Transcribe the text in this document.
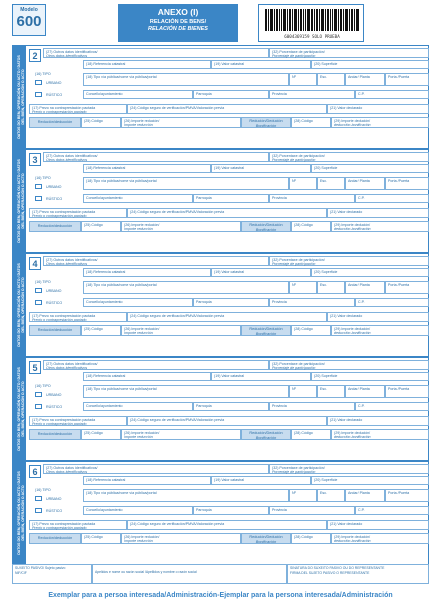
Modelo
600
ANEXO (I)
RELACIÓN DE BENS/
RELACIÓN DE BIENES
6004369159 SOLO PRUEBA
DATOS DO BEN, OPERACIÓN OU ACTO / DATOS DEL BIEN, OPERACIÓN O ACTO
2
(16) TIPO
URBANO
RÚSTICO
(27) Outros datos identificativos/
Otros datos identificativos
(32) Porcentaxe de participación/
Porcentaje de participación
(18) Referencia catastral	(19) Valor catastral	(20) Superficie
(18) Tipo vía pública/nome vía pública/portal	Nº	Esc.	Andar/ Planta	Porta /Puerta
Concello/ayuntamiento	Parroquia	Provincia	C.P.
(17) Prezo na contraprestación pactada
Precio o contraprestación pactado
(24) Código seguro de verificación/PMVA/Valoración previa	(21) Valor declarado
(25) Código	(26) Importe redución/
Importe reducción
(28) Código	(29) Importe dedución/
deducción-bonificación
Redución/deducción	Redución/Dedución
Bonificación
DATOS DO BEN, OPERACIÓN OU ACTO / DATOS DEL BIEN, OPERACIÓN O ACTO
3
(16) TIPO
URBANO
RÚSTICO
(27) Outros datos identificativos/
Otros datos identificativos
(32) Porcentaxe de participación/
Porcentaje de participación
(18) Referencia catastral	(19) Valor catastral	(20) Superficie
(18) Tipo vía pública/nome vía pública/portal	Nº	Esc.	Andar/ Planta	Porta /Puerta
Concello/ayuntamiento	Parroquia	Provincia	C.P.
(17) Prezo na contraprestación pactada
Precio o contraprestación pactado
(24) Código seguro de verificación/PMVA/Valoración previa	(21) Valor declarado
(25) Código	(26) Importe redución/
Importe reducción
(28) Código	(29) Importe dedución/
deducción-bonificación
Redución/deducción	Redución/Dedución
Bonificación
DATOS DO BEN, OPERACIÓN OU ACTO / DATOS DEL BIEN, OPERACIÓN O ACTO
4
(16) TIPO
URBANO
RÚSTICO
(27) Outros datos identificativos/
Otros datos identificativos
(32) Porcentaxe de participación/
Porcentaje de participación
(18) Referencia catastral	(19) Valor catastral	(20) Superficie
(18) Tipo vía pública/nome vía pública/portal	Nº	Esc.	Andar/ Planta	Porta /Puerta
Concello/ayuntamiento	Parroquia	Provincia	C.P.
(17) Prezo na contraprestación pactada
Precio o contraprestación pactado
(24) Código seguro de verificación/PMVA/Valoración previa	(21) Valor declarado
(25) Código	(26) Importe redución/
Importe reducción
(28) Código	(29) Importe dedución/
deducción-bonificación
Redución/deducción	Redución/Dedución
Bonificación
DATOS DO BEN, OPERACIÓN OU ACTO / DATOS DEL BIEN, OPERACIÓN O ACTO
5
(16) TIPO
URBANO
RÚSTICO
(27) Outros datos identificativos/
Otros datos identificativos
(32) Porcentaxe de participación/
Porcentaje de participación
(18) Referencia catastral	(19) Valor catastral	(20) Superficie
(18) Tipo vía pública/nome vía pública/portal	Nº	Esc.	Andar/ Planta	Porta /Puerta
Concello/ayuntamiento	Parroquia	Provincia	C.P.
(17) Prezo na contraprestación pactada
Precio o contraprestación pactado
(24) Código seguro de verificación/PMVA/Valoración previa	(21) Valor declarado
(25) Código	(26) Importe redución/
Importe reducción
(28) Código	(29) Importe dedución/
deducción-bonificación
Redución/deducción	Redución/Dedución
Bonificación
DATOS DO BEN, OPERACIÓN OU ACTO / DATOS DEL BIEN, OPERACIÓN O ACTO
6
(16) TIPO
URBANO
RÚSTICO
(27) Outros datos identificativos/
Otros datos identificativos
(32) Porcentaxe de participación/
Porcentaje de participación
(18) Referencia catastral	(19) Valor catastral	(20) Superficie
(18) Tipo vía pública/nome vía pública/portal	Nº	Esc.	Andar/ Planta	Porta /Puerta
Concello/ayuntamiento	Parroquia	Provincia	C.P.
(17) Prezo na contraprestación pactada
Precio o contraprestación pactado
(24) Código seguro de verificación/PMVA/Valoración previa	(21) Valor declarado
(25) Código	(26) Importe redución/
Importe reducción
(28) Código	(29) Importe dedución/
deducción-bonificación
Redución/deducción	Redución/Dedución
Bonificación
SUXEITO PASIVO/ Sujeto pasivo
NIF/CIF	Apelidos e nome ou razón social /Apellidos y nombre o razón social
SINATURA DO SUXEITO PASIVO OU DO REPRESENTANTE
FIRMA DEL SUJETO PASIVO O REPRESENTANTE
Exemplar para a persoa interesada/Administración-Ejemplar para la persona interesada/Administración
